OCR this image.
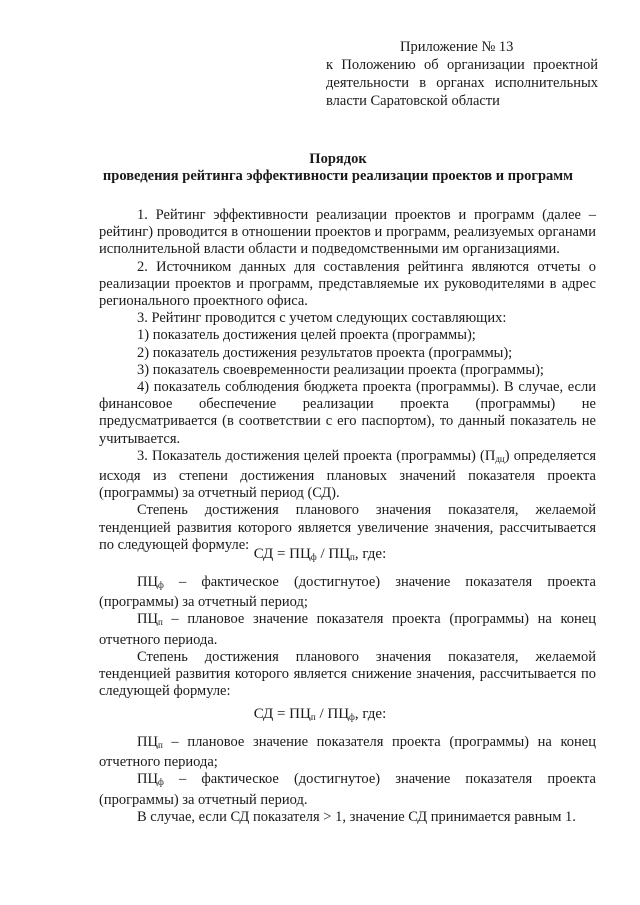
Приложение № 13
к Положению об организации проектной
деятельности в органах исполнительных
власти Саратовской области
Порядок
проведения рейтинга эффективности реализации проектов и программ

1. Рейтинг эффективности реализации проектов и программ (далее – рейтинг) проводится в отношении проектов и программ, реализуемых органами исполнительной власти области и подведомственными им организациями.

2. Источником данных для составления рейтинга являются отчеты о реализации проектов и программ, представляемые их руководителями в адрес регионального проектного офиса.

3. Рейтинг проводится с учетом следующих составляющих:

1) показатель достижения целей проекта (программы);

2) показатель достижения результатов проекта (программы);

3) показатель своевременности реализации проекта (программы);

4) показатель соблюдения бюджета проекта (программы). В случае, если финансовое обеспечение реализации проекта (программы) не предусматривается (в соответствии с его паспортом), то данный показатель не учитывается.

3. Показатель достижения целей проекта (программы) $(П_{дц})$ определяется исходя из степени достижения плановых значений показателя проекта (программы) за отчетный период (СД).

Степень достижения планового значения показателя, желаемой тенденцией развития которого является увеличение значения, рассчитывается по следующей формуле:

СД = $ПЦ_ф / ПЦ_п$, где:

$ПЦ_ф$ – фактическое (достигнутое) значение показателя проекта (программы) за отчетный период;

$ПЦ_п$ – плановое значение показателя проекта (программы) на конец отчетного периода.

Степень достижения планового значения показателя, желаемой тенденцией развития которого является снижение значения, рассчитывается по следующей формуле:

СД = $ПЦ_п / ПЦ_ф$, где:

$ПЦ_п$ – плановое значение показателя проекта (программы) на конец отчетного периода;

$ПЦ_ф$ – фактическое (достигнутое) значение показателя проекта (программы) за отчетный период.

В случае, если СД показателя > 1, значение СД принимается равным 1.
